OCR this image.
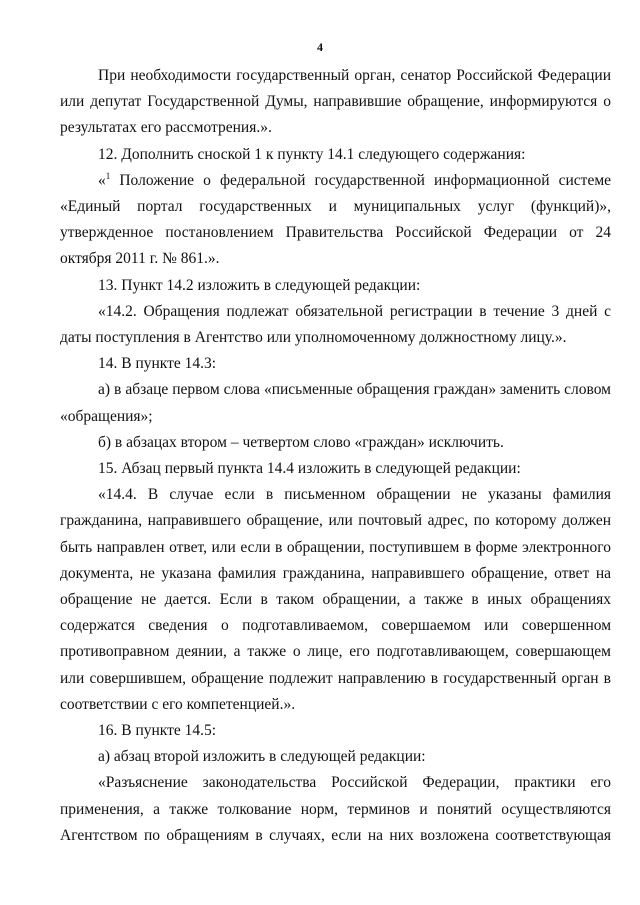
4

При необходимости государственный орган, сенатор Российской Федерации или депутат Государственной Думы, направившие обращение, информируются о результатах его рассмотрения.».

12. Дополнить сноской 1 к пункту 14.1 следующего содержания:

«$^1$ Положение о федеральной государственной информационной системе «Единый портал государственных и муниципальных услуг (функций)», утвержденное постановлением Правительства Российской Федерации от 24 октября 2011 г. № 861.».

13. Пункт 14.2 изложить в следующей редакции:

«14.2. Обращения подлежат обязательной регистрации в течение 3 дней с даты поступления в Агентство или уполномоченному должностному лицу.».

14. В пункте 14.3:

а) в абзаце первом слова «письменные обращения граждан» заменить словом «обращения»;

б) в абзацах втором – четвертом слово «граждан» исключить.

15. Абзац первый пункта 14.4 изложить в следующей редакции:

«14.4. В случае если в письменном обращении не указаны фамилия гражданина, направившего обращение, или почтовый адрес, по которому должен быть направлен ответ, или если в обращении, поступившем в форме электронного документа, не указана фамилия гражданина, направившего обращение, ответ на обращение не дается. Если в таком обращении, а также в иных обращениях содержатся сведения о подготавливаемом, совершаемом или совершенном противоправном деянии, а также о лице, его подготавливающем, совершающем или совершившем, обращение подлежит направлению в государственный орган в соответствии с его компетенцией.».

16. В пункте 14.5:

а) абзац второй изложить в следующей редакции:

«Разъяснение законодательства Российской Федерации, практики его применения, а также толкование норм, терминов и понятий осуществляются Агентством по обращениям в случаях, если на них возложена соответствующая
